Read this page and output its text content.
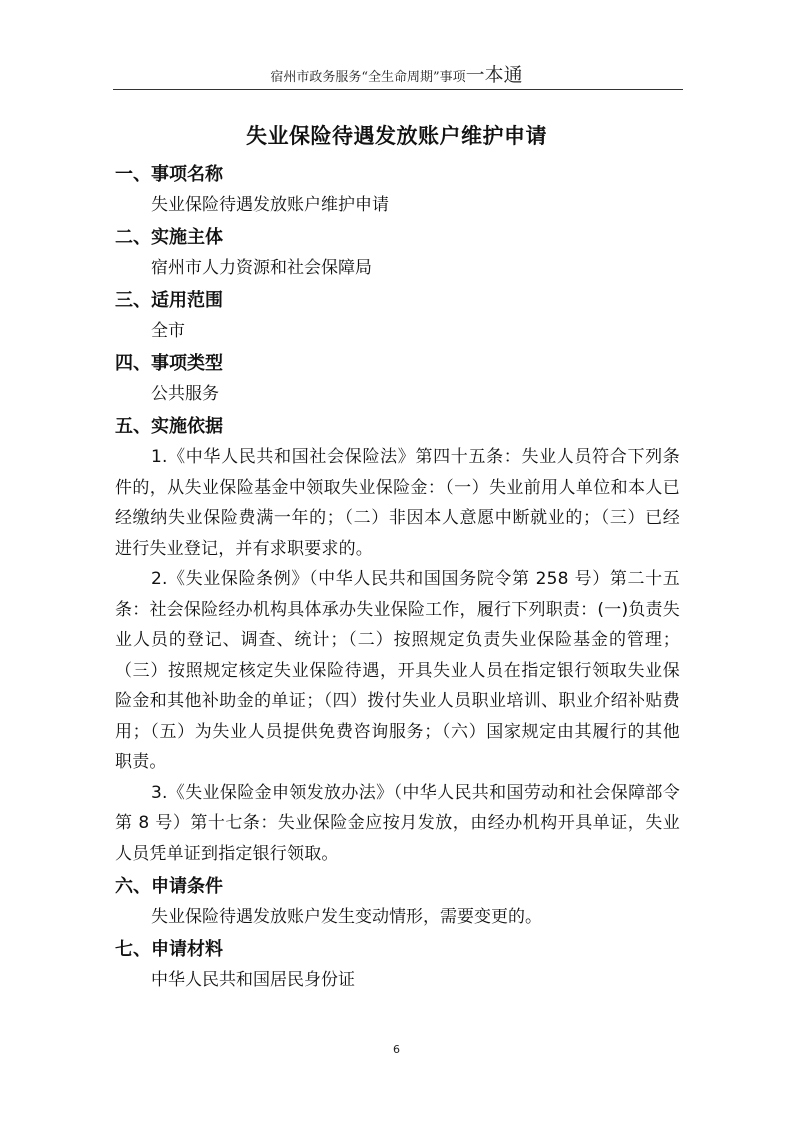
宿州市政务服务“全生命周期”事项一本通
失业保险待遇发放账户维护申请
一、事项名称
失业保险待遇发放账户维护申请
二、实施主体
宿州市人力资源和社会保障局
三、适用范围
全市
四、事项类型
公共服务
五、实施依据
1.《中华人民共和国社会保险法》第四十五条：失业人员符合下列条件的，从失业保险基金中领取失业保险金：（一）失业前用人单位和本人已经缴纳失业保险费满一年的；（二）非因本人意愿中断就业的；（三）已经进行失业登记，并有求职要求的。
2.《失业保险条例》（中华人民共和国国务院令第 258 号）第二十五条：社会保险经办机构具体承办失业保险工作，履行下列职责：(一)负责失业人员的登记、调查、统计；（二）按照规定负责失业保险基金的管理；（三）按照规定核定失业保险待遇，开具失业人员在指定银行领取失业保险金和其他补助金的单证；（四）拨付失业人员职业培训、职业介绍补贴费用；（五）为失业人员提供免费咨询服务；（六）国家规定由其履行的其他职责。
3.《失业保险金申领发放办法》（中华人民共和国劳动和社会保障部令第 8 号）第十七条：失业保险金应按月发放，由经办机构开具单证，失业人员凭单证到指定银行领取。
六、申请条件
失业保险待遇发放账户发生变动情形，需要变更的。
七、申请材料
中华人民共和国居民身份证
6
